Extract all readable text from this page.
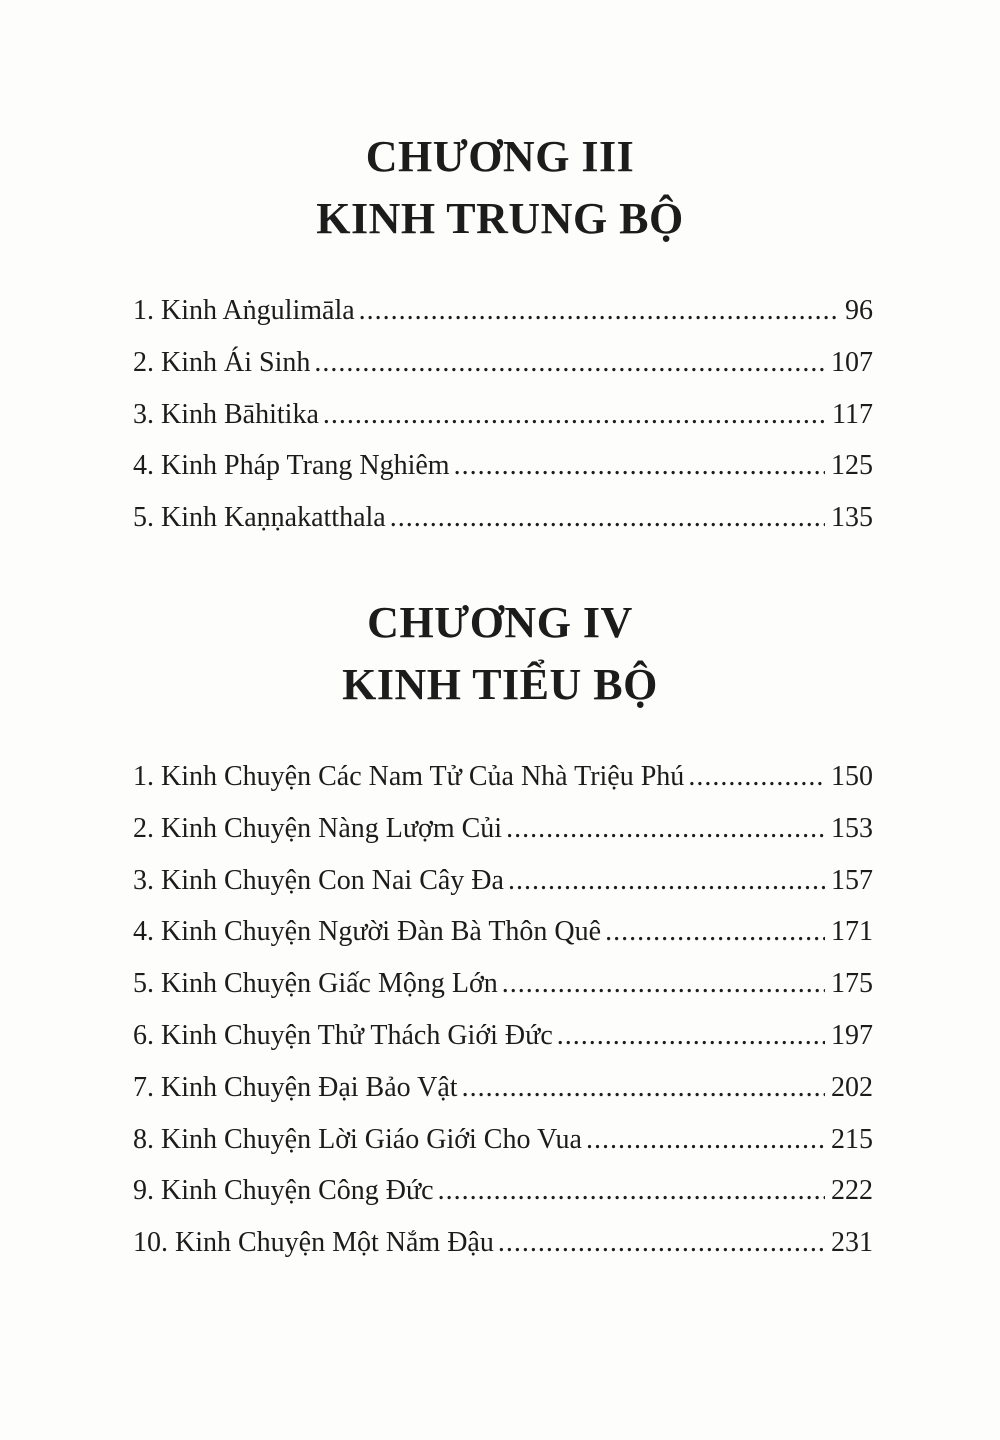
CHƯƠNG III
KINH TRUNG BỘ
1. Kinh Aṅgulimāla .....	96
2. Kinh Ái Sinh .....	107
3. Kinh Bāhitika .....	117
4. Kinh Pháp Trang Nghiêm .....	125
5. Kinh Kaṇṇakatthala .....	135
CHƯƠNG IV
KINH TIỂU BỘ
1. Kinh Chuyện Các Nam Tử Của Nhà Triệu Phú .....	150
2. Kinh Chuyện Nàng Lượm Củi .....	153
3. Kinh Chuyện Con Nai Cây Đa .....	157
4. Kinh Chuyện Người Đàn Bà Thôn Quê .....	171
5. Kinh Chuyện Giấc Mộng Lớn .....	175
6. Kinh Chuyện Thử Thách Giới Đức .....	197
7. Kinh Chuyện Đại Bảo Vật .....	202
8. Kinh Chuyện Lời Giáo Giới Cho Vua .....	215
9. Kinh Chuyện Công Đức .....	222
10. Kinh Chuyện Một Nắm Đậu .....	231
